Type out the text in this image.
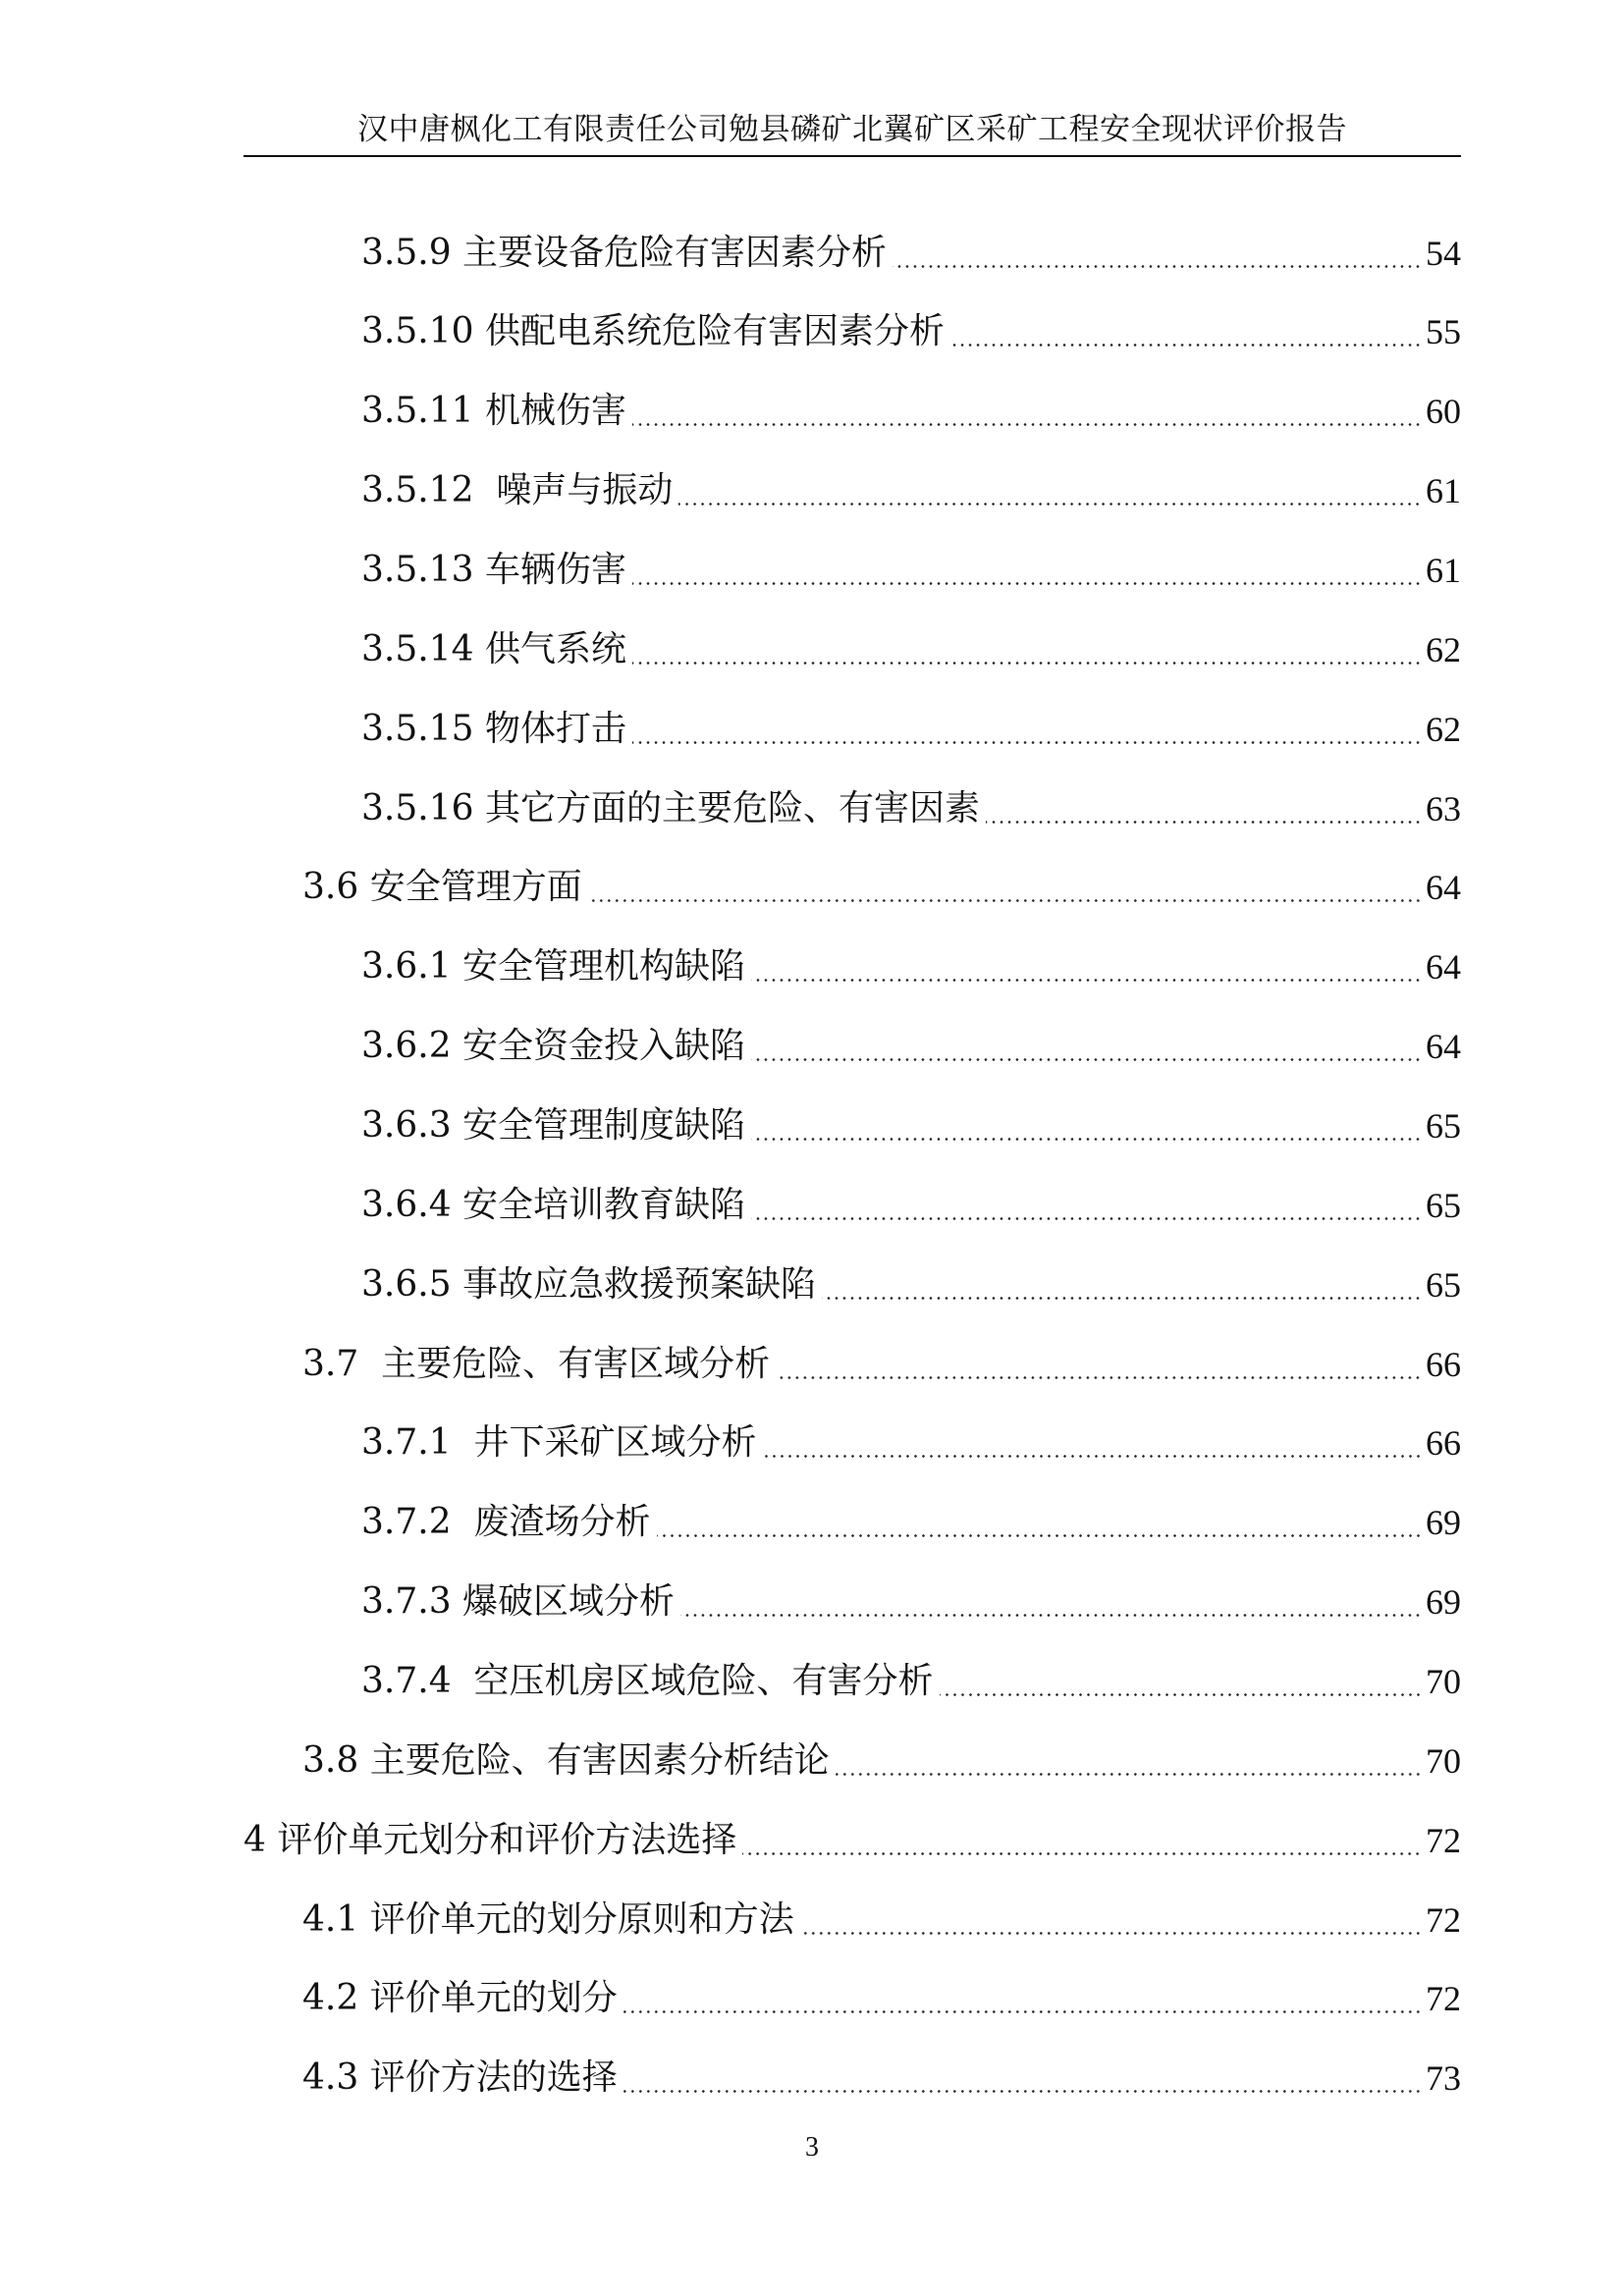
汉中唐枫化工有限责任公司勉县磷矿北翼矿区采矿工程安全现状评价报告
3.5.9 主要设备危险有害因素分析	54
3.5.10 供配电系统危险有害因素分析	55
3.5.11 机械伤害	60
3.5.12  噪声与振动	61
3.5.13 车辆伤害	61
3.5.14 供气系统	62
3.5.15 物体打击	62
3.5.16 其它方面的主要危险、有害因素	63
3.6 安全管理方面	64
3.6.1 安全管理机构缺陷	64
3.6.2 安全资金投入缺陷	64
3.6.3 安全管理制度缺陷	65
3.6.4 安全培训教育缺陷	65
3.6.5 事故应急救援预案缺陷	65
3.7  主要危险、有害区域分析	66
3.7.1  井下采矿区域分析	66
3.7.2  废渣场分析	69
3.7.3 爆破区域分析	69
3.7.4  空压机房区域危险、有害分析	70
3.8 主要危险、有害因素分析结论	70
4 评价单元划分和评价方法选择	72
4.1 评价单元的划分原则和方法	72
4.2 评价单元的划分	72
4.3 评价方法的选择	73
3
